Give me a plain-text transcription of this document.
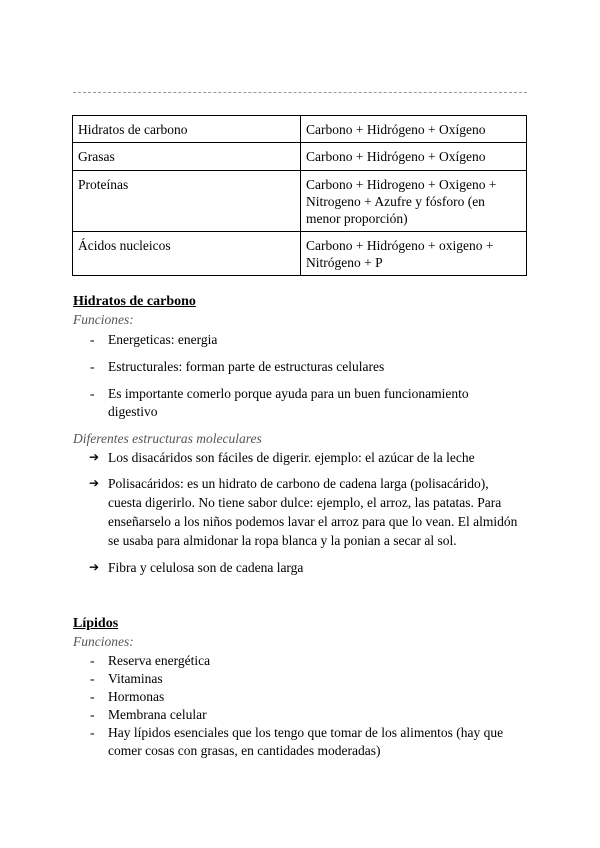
Hidratos de carbono	Carbono + Hidrógeno + Oxígeno
Grasas	Carbono + Hidrógeno + Oxígeno
Proteínas	Carbono + Hidrogeno + Oxigeno + Nitrogeno + Azufre y fósforo (en menor proporción)
Ácidos nucleicos	Carbono + Hidrógeno + oxigeno + Nitrógeno + P
Hidratos de carbono
Funciones:
- Energeticas: energia
- Estructurales: forman parte de estructuras celulares
- Es importante comerlo porque ayuda para un buen funcionamiento digestivo
Diferentes estructuras moleculares
➔ Los disacáridos son fáciles de digerir. ejemplo: el azúcar de la leche
➔ Polisacáridos: es un hidrato de carbono de cadena larga (polisacárido), cuesta digerirlo. No tiene sabor dulce: ejemplo, el arroz, las patatas. Para enseñarselo a los niños podemos lavar el arroz para que lo vean. El almidón se usaba para almidonar la ropa blanca y la ponian a secar al sol.
➔ Fibra y celulosa son de cadena larga
Lípidos
Funciones:
- Reserva energética
- Vitaminas
- Hormonas
- Membrana celular
- Hay lípidos esenciales que los tengo que tomar de los alimentos (hay que comer cosas con grasas, en cantidades moderadas)
